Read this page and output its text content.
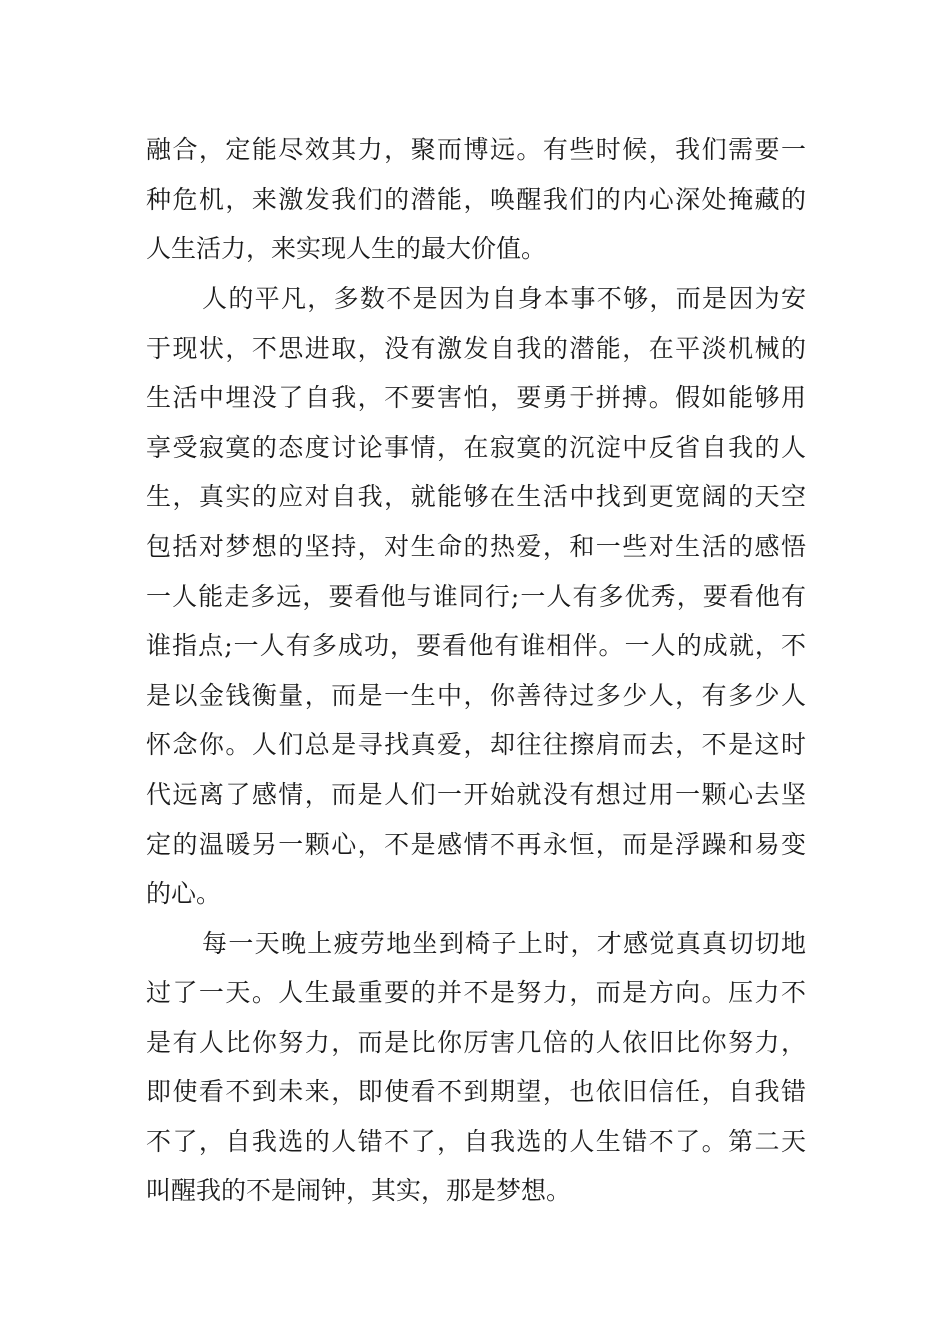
融合，定能尽效其力，聚而博远。有些时候，我们需要一
种危机，来激发我们的潜能，唤醒我们的内心深处掩藏的
人生活力，来实现人生的最大价值。
人的平凡，多数不是因为自身本事不够，而是因为安
于现状，不思进取，没有激发自我的潜能，在平淡机械的
生活中埋没了自我，不要害怕，要勇于拼搏。假如能够用
享受寂寞的态度讨论事情，在寂寞的沉淀中反省自我的人
生，真实的应对自我，就能够在生活中找到更宽阔的天空
包括对梦想的坚持，对生命的热爱，和一些对生活的感悟
一人能走多远，要看他与谁同行;一人有多优秀，要看他有
谁指点;一人有多成功，要看他有谁相伴。一人的成就，不
是以金钱衡量，而是一生中，你善待过多少人，有多少人
怀念你。人们总是寻找真爱，却往往擦肩而去，不是这时
代远离了感情，而是人们一开始就没有想过用一颗心去坚
定的温暖另一颗心，不是感情不再永恒，而是浮躁和易变
的心。
每一天晚上疲劳地坐到椅子上时，才感觉真真切切地
过了一天。人生最重要的并不是努力，而是方向。压力不
是有人比你努力，而是比你厉害几倍的人依旧比你努力，
即使看不到未来，即使看不到期望，也依旧信任，自我错
不了，自我选的人错不了，自我选的人生错不了。第二天
叫醒我的不是闹钟，其实，那是梦想。
